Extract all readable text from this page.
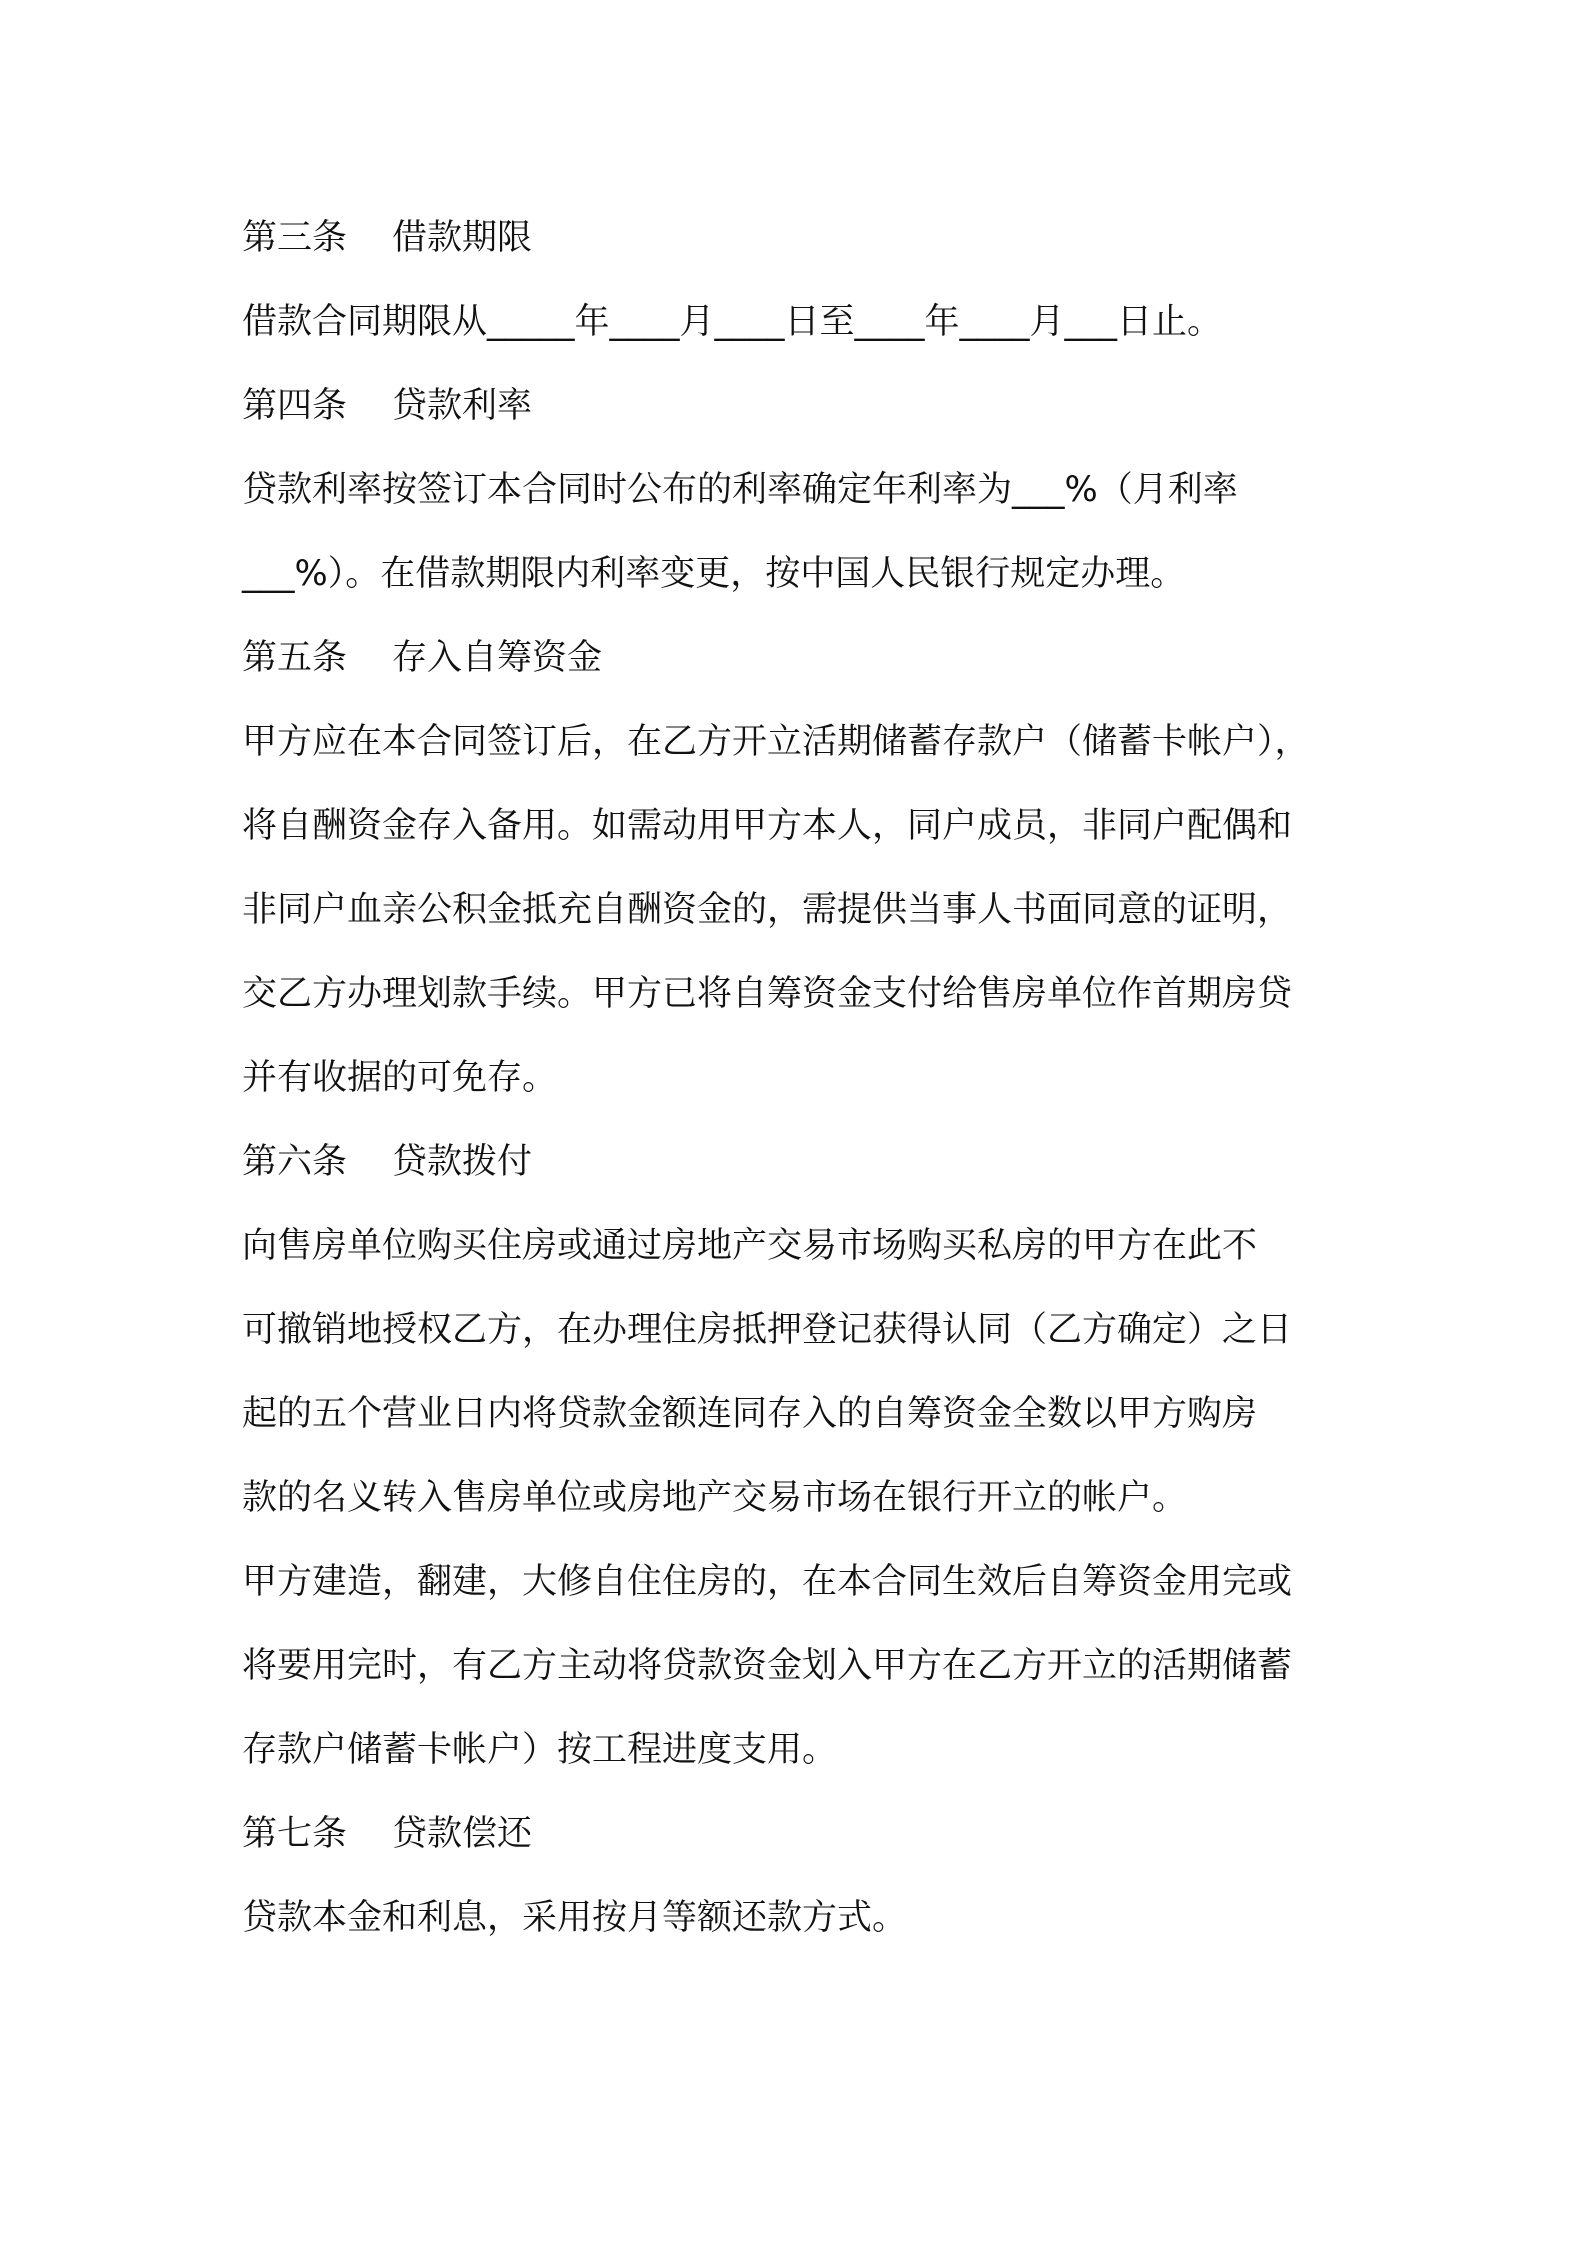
第三条 借款期限
借款合同期限从_____年____月____日至____年____月___日止。
第四条 贷款利率
贷款利率按签订本合同时公布的利率确定年利率为___%（月利率
___%）。在借款期限内利率变更，按中国人民银行规定办理。
第五条 存入自筹资金
甲方应在本合同签订后，在乙方开立活期储蓄存款户（储蓄卡帐户），
将自酬资金存入备用。如需动用甲方本人，同户成员，非同户配偶和
非同户血亲公积金抵充自酬资金的，需提供当事人书面同意的证明，
交乙方办理划款手续。甲方已将自筹资金支付给售房单位作首期房贷
并有收据的可免存。
第六条 贷款拨付
向售房单位购买住房或通过房地产交易市场购买私房的甲方在此不
可撤销地授权乙方，在办理住房抵押登记获得认同（乙方确定）之日
起的五个营业日内将贷款金额连同存入的自筹资金全数以甲方购房
款的名义转入售房单位或房地产交易市场在银行开立的帐户。
甲方建造，翻建，大修自住住房的，在本合同生效后自筹资金用完或
将要用完时，有乙方主动将贷款资金划入甲方在乙方开立的活期储蓄
存款户储蓄卡帐户）按工程进度支用。
第七条 贷款偿还
贷款本金和利息，采用按月等额还款方式。
